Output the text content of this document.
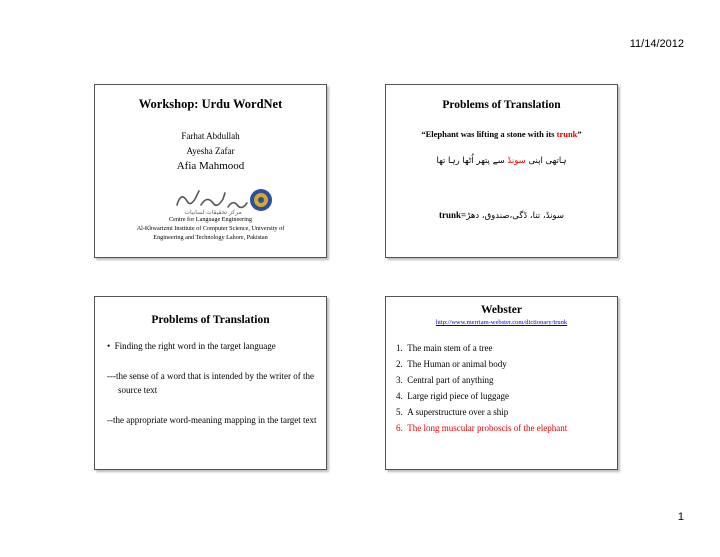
11/14/2012
Workshop: Urdu WordNet
Farhat Abdullah
Ayesha Zafar
Afia Mahmood
مرکز تحقیقات لسانیات
Centre for Language Engineering
Al-Khwarizmi Institute of Computer Science, University of
Engineering and Technology Lahore, Pakistan
Problems of Translation
“Elephant was lifting a stone with its trunk”
ہاتھی اپنی سونڈ سے پتھر اُٹھا رہا تھا
trunk=سونڈ، تنا، ڈگی،صندوق، دھڑ
Problems of Translation
• Finding the right word in the target language
---the sense of a word that is intended by the writer of the source text
--the appropriate word-meaning mapping in the target text
Webster
http://www.merriam-webster.com/dictionary/trunk
1. The main stem of a tree
2. The Human or animal body
3. Central part of anything
4. Large rigid piece of luggage
5. A superstructure over a ship
6. The long muscular proboscis of the elephant
1
